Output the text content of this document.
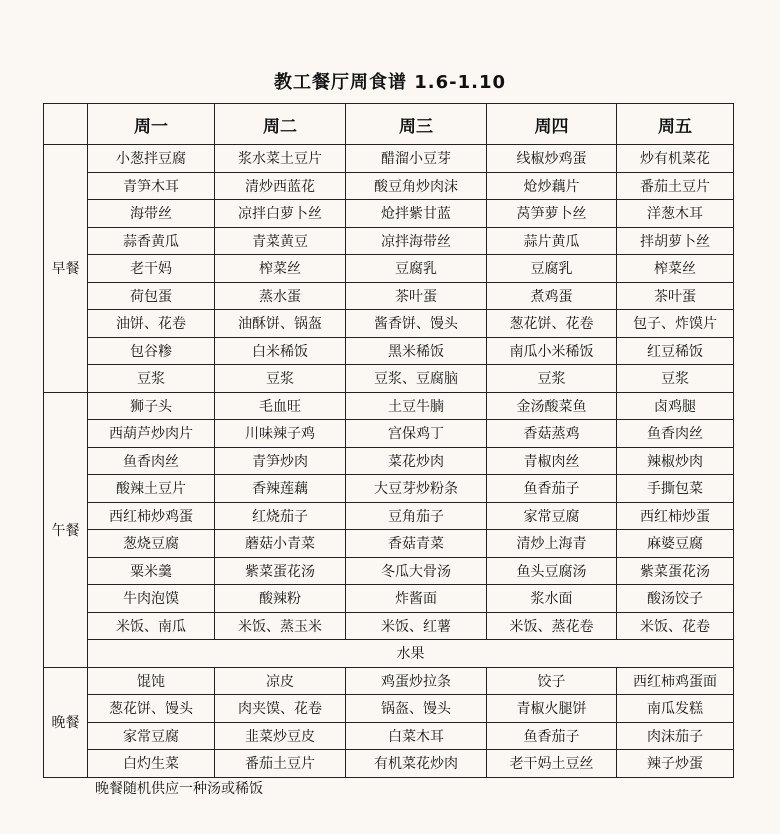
教工餐厅周食谱 1.6-1.10
	周一	周二	周三	周四	周五
早餐	小葱拌豆腐	浆水菜土豆片	醋溜小豆芽	线椒炒鸡蛋	炒有机菜花
	青笋木耳	清炒西蓝花	酸豆角炒肉沫	炝炒藕片	番茄土豆片
	海带丝	凉拌白萝卜丝	炝拌紫甘蓝	莴笋萝卜丝	洋葱木耳
	蒜香黄瓜	青菜黄豆	凉拌海带丝	蒜片黄瓜	拌胡萝卜丝
	老干妈	榨菜丝	豆腐乳	豆腐乳	榨菜丝
	荷包蛋	蒸水蛋	茶叶蛋	煮鸡蛋	茶叶蛋
	油饼、花卷	油酥饼、锅盔	酱香饼、馒头	葱花饼、花卷	包子、炸馍片
	包谷糁	白米稀饭	黑米稀饭	南瓜小米稀饭	红豆稀饭
	豆浆	豆浆	豆浆、豆腐脑	豆浆	豆浆
午餐	狮子头	毛血旺	土豆牛腩	金汤酸菜鱼	卤鸡腿
	西葫芦炒肉片	川味辣子鸡	宫保鸡丁	香菇蒸鸡	鱼香肉丝
	鱼香肉丝	青笋炒肉	菜花炒肉	青椒肉丝	辣椒炒肉
	酸辣土豆片	香辣莲藕	大豆芽炒粉条	鱼香茄子	手撕包菜
	西红柿炒鸡蛋	红烧茄子	豆角茄子	家常豆腐	西红柿炒蛋
	葱烧豆腐	蘑菇小青菜	香菇青菜	清炒上海青	麻婆豆腐
	粟米羹	紫菜蛋花汤	冬瓜大骨汤	鱼头豆腐汤	紫菜蛋花汤
	牛肉泡馍	酸辣粉	炸酱面	浆水面	酸汤饺子
	米饭、南瓜	米饭、蒸玉米	米饭、红薯	米饭、蒸花卷	米饭、花卷
	水果				
晚餐	馄饨	凉皮	鸡蛋炒拉条	饺子	西红柿鸡蛋面
	葱花饼、馒头	肉夹馍、花卷	锅盔、馒头	青椒火腿饼	南瓜发糕
	家常豆腐	韭菜炒豆皮	白菜木耳	鱼香茄子	肉沫茄子
	白灼生菜	番茄土豆片	有机菜花炒肉	老干妈土豆丝	辣子炒蛋
晚餐随机供应一种汤或稀饭
